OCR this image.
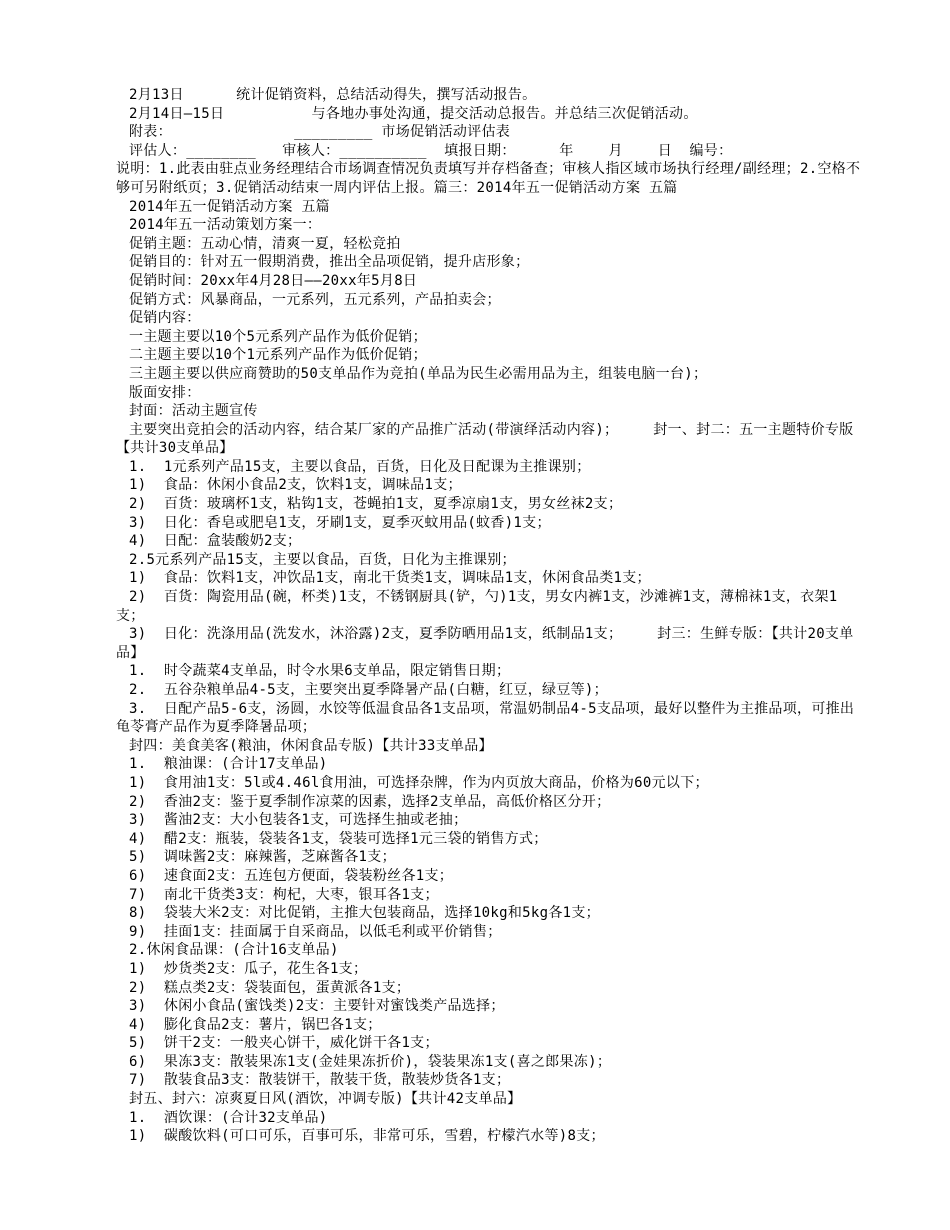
2月13日      统计促销资料，总结活动得失，撰写活动报告。
2月14日—15日          与各地办事处沟通，提交活动总报告。并总结三次促销活动。
附表：              _________ 市场促销活动评估表
评估人：________   审核人：__________  填报日期：     年    月    日  编号：
说明：1.此表由驻点业务经理结合市场调查情况负责填写并存档备查；审核人指区域市场执行经理/副经理；2.空格不够可另附纸页；3.促销活动结束一周内评估上报。篇三：2014年五一促销活动方案 五篇
2014年五一促销活动方案 五篇
2014年五一活动策划方案一：
促销主题：五动心情，清爽一夏，轻松竞拍
促销目的：针对五一假期消费，推出全品项促销，提升店形象；
促销时间：20xx年4月28日——20xx年5月8日
促销方式：风暴商品，一元系列，五元系列，产品拍卖会；
促销内容：
一主题主要以10个5元系列产品作为低价促销；
二主题主要以10个1元系列产品作为低价促销；
三主题主要以供应商赞助的50支单品作为竞拍(单品为民生必需用品为主，组装电脑一台)；
版面安排：
封面：活动主题宣传
主要突出竞拍会的活动内容，结合某厂家的产品推广活动(带演绎活动内容)；    封一、封二：五一主题特价专版【共计30支单品】
1.  1元系列产品15支，主要以食品，百货，日化及日配课为主推课别；
1)  食品：休闲小食品2支，饮料1支，调味品1支；
2)  百货：玻璃杯1支，粘钩1支，苍蝇拍1支，夏季凉扇1支，男女丝袜2支；
3)  日化：香皂或肥皂1支，牙刷1支，夏季灭蚊用品(蚊香)1支；
4)  日配：盒装酸奶2支；
2.5元系列产品15支，主要以食品，百货，日化为主推课别；
1)  食品：饮料1支，冲饮品1支，南北干货类1支，调味品1支，休闲食品类1支；
2)  百货：陶瓷用品(碗，杯类)1支，不锈钢厨具(铲，勺)1支，男女内裤1支，沙滩裤1支，薄棉袜1支，衣架1支；
3)  日化：洗涤用品(洗发水，沐浴露)2支，夏季防晒用品1支，纸制品1支；    封三：生鲜专版：【共计20支单品】
1.  时令蔬菜4支单品，时令水果6支单品，限定销售日期；
2.  五谷杂粮单品4-5支，主要突出夏季降暑产品(白糖，红豆，绿豆等)；
3.  日配产品5-6支，汤圆，水饺等低温食品各1支品项，常温奶制品4-5支品项，最好以整件为主推品项，可推出龟苓膏产品作为夏季降暑品项；
封四：美食美客(粮油，休闲食品专版)【共计33支单品】
1.  粮油课：(合计17支单品)
1)  食用油1支：5l或4.46l食用油，可选择杂牌，作为内页放大商品，价格为60元以下；
2)  香油2支：鉴于夏季制作凉菜的因素，选择2支单品，高低价格区分开；
3)  酱油2支：大小包装各1支，可选择生抽或老抽；
4)  醋2支：瓶装，袋装各1支，袋装可选择1元三袋的销售方式；
5)  调味酱2支：麻辣酱，芝麻酱各1支；
6)  速食面2支：五连包方便面，袋装粉丝各1支；
7)  南北干货类3支：枸杞，大枣，银耳各1支；
8)  袋装大米2支：对比促销，主推大包装商品，选择10kg和5kg各1支；
9)  挂面1支：挂面属于自采商品，以低毛利或平价销售；
2.休闲食品课：(合计16支单品)
1)  炒货类2支：瓜子，花生各1支；
2)  糕点类2支：袋装面包，蛋黄派各1支；
3)  休闲小食品(蜜饯类)2支：主要针对蜜饯类产品选择；
4)  膨化食品2支：薯片，锅巴各1支；
5)  饼干2支：一般夹心饼干，威化饼干各1支；
6)  果冻3支：散装果冻1支(金娃果冻折价)，袋装果冻1支(喜之郎果冻)；
7)  散装食品3支：散装饼干，散装干货，散装炒货各1支；
封五、封六：凉爽夏日风(酒饮，冲调专版)【共计42支单品】
1.  酒饮课：(合计32支单品)
1)  碳酸饮料(可口可乐，百事可乐，非常可乐，雪碧，柠檬汽水等)8支；
